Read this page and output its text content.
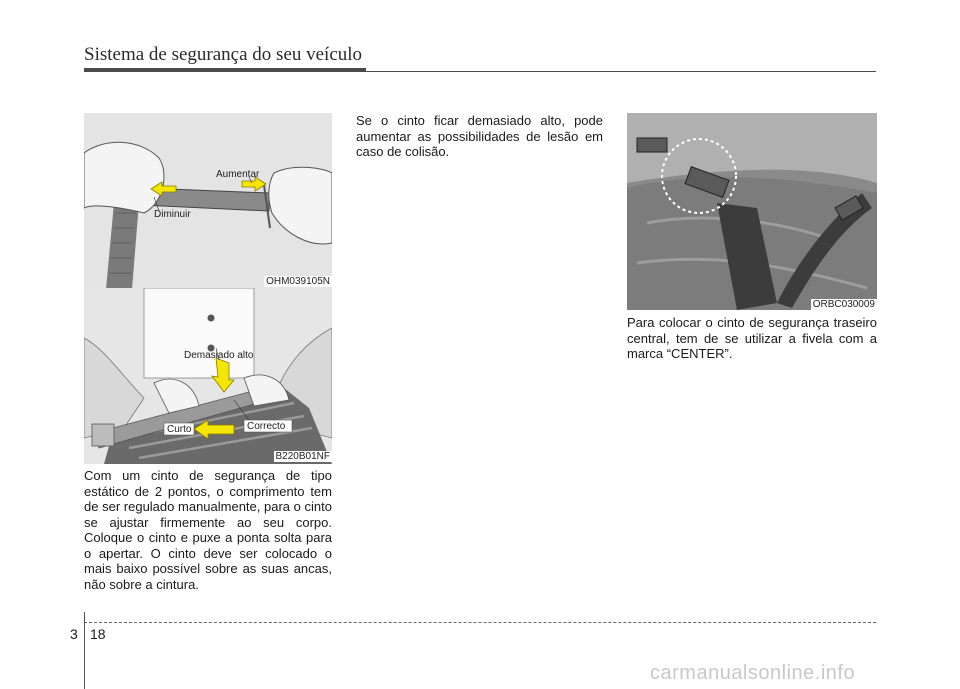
Sistema de segurança do seu veículo
Aumentar
Diminuir
OHM039105N
Demasiado alto
Curto	Correcto
B220B01NF
ORBC030009
Com um cinto de segurança de tipo estático de 2 pontos, o comprimento tem de ser regulado manualmente, para o cinto se ajustar firmemente ao seu corpo. Coloque o cinto e puxe a ponta solta para o apertar. O cinto deve ser colocado o mais baixo possível sobre as suas ancas, não sobre a cintura.
Se o cinto ficar demasiado alto, pode aumentar as possibilidades de lesão em caso de colisão.
Para colocar o cinto de segurança traseiro central, tem de se utilizar a fivela com a marca “CENTER”.
3 18
carmanualsonline.info
